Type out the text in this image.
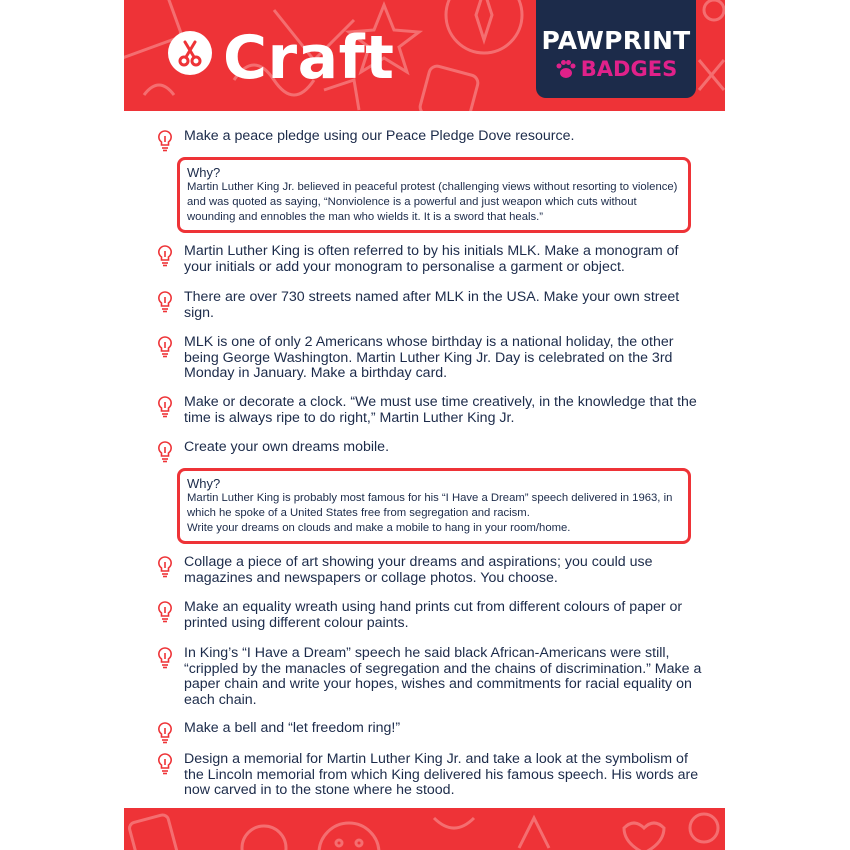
Craft	PAWPRINT
BADGES
Make a peace pledge using our Peace Pledge Dove resource.
Why?
Martin Luther King Jr. believed in peaceful protest (challenging views without resorting to violence) and was quoted as saying, “Nonviolence is a powerful and just weapon which cuts without wounding and ennobles the man who wields it. It is a sword that heals.”
Martin Luther King is often referred to by his initials MLK. Make a monogram of your initials or add your monogram to personalise a garment or object.
There are over 730 streets named after MLK in the USA. Make your own street sign.
MLK is one of only 2 Americans whose birthday is a national holiday, the other being George Washington. Martin Luther King Jr. Day is celebrated on the 3rd Monday in January. Make a birthday card.
Make or decorate a clock. “We must use time creatively, in the knowledge that the time is always ripe to do right,” Martin Luther King Jr.
Create your own dreams mobile.
Why?
Martin Luther King is probably most famous for his “I Have a Dream” speech delivered in 1963, in which he spoke of a United States free from segregation and racism.
Write your dreams on clouds and make a mobile to hang in your room/home.
Collage a piece of art showing your dreams and aspirations; you could use magazines and newspapers or collage photos. You choose.
Make an equality wreath using hand prints cut from different colours of paper or printed using different colour paints.
In King’s “I Have a Dream” speech he said black African-Americans were still, “crippled by the manacles of segregation and the chains of discrimination.” Make a paper chain and write your hopes, wishes and commitments for racial equality on each chain.
Make a bell and “let freedom ring!”
Design a memorial for Martin Luther King Jr. and take a look at the symbolism of the Lincoln memorial from which King delivered his famous speech. His words are now carved in to the stone where he stood.
